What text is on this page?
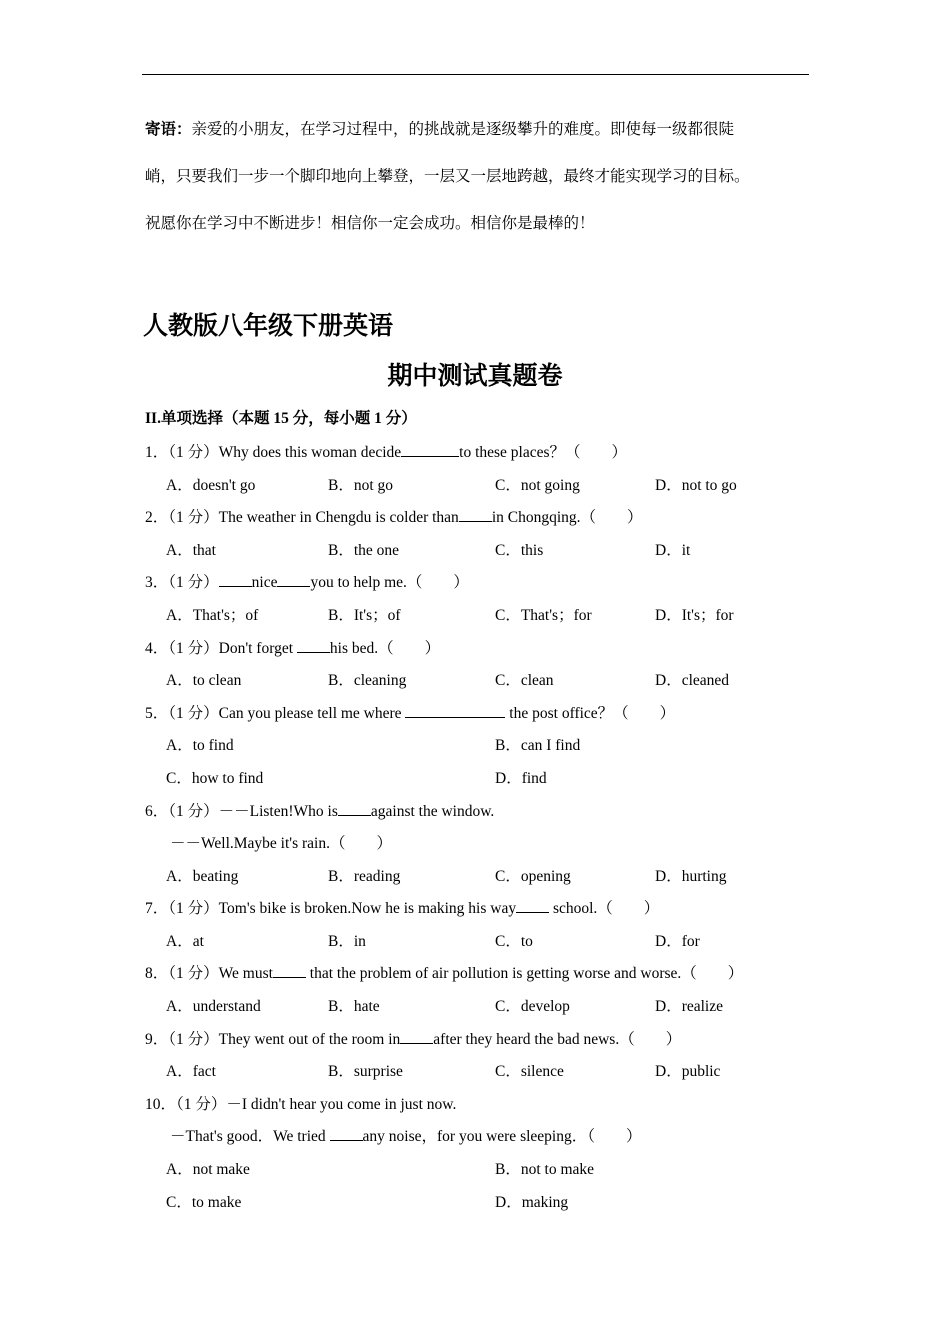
寄语：亲爱的小朋友，在学习过程中，的挑战就是逐级攀升的难度。即使每一级都很陡
峭，只要我们一步一个脚印地向上攀登，一层又一层地跨越，最终才能实现学习的目标。
祝愿你在学习中不断进步！相信你一定会成功。相信你是最棒的！
人教版八年级下册英语
期中测试真题卷
II.单项选择（本题 15 分，每小题 1 分）
1．（1 分）Why does this woman decide	to these places？（　　）
A．doesn't go	B．not go	C．not going	D．not to go
2．（1 分）The weather in Chengdu is colder than in Chongqing.（　　）
A．that	B．the one	C．this	D．it
3．（1 分） nice you to help me.（　　）
A．That's；of	B．It's；of	C．That's；for	D．It's；for
4．（1 分）Don't forget his bed.（　　）
A．to clean	B．cleaning	C．clean	D．cleaned
5．（1 分）Can you please tell me where	the post office？（　　）
A．to find	B．can I find
C．how to find	D．find
6．（1 分）－－Listen!Who is against the window.
－－Well.Maybe it's rain.（　　）
A．beating	B．reading	C．opening	D．hurting
7．（1 分）Tom's bike is broken.Now he is making his way school.（　　）
A．at	B．in	C．to	D．for
8．（1 分）We must that the problem of air pollution is getting worse and worse.（　　）
A．understand	B．hate	C．develop	D．realize
9．（1 分）They went out of the room in after they heard the bad news.（　　）
A．fact	B．surprise	C．silence	D．public
10．（1 分）－I didn't hear you come in just now.
－That's good．We tried any noise，for you were sleeping．（　　）
A．not make	B．not to make
C．to make	D．making
